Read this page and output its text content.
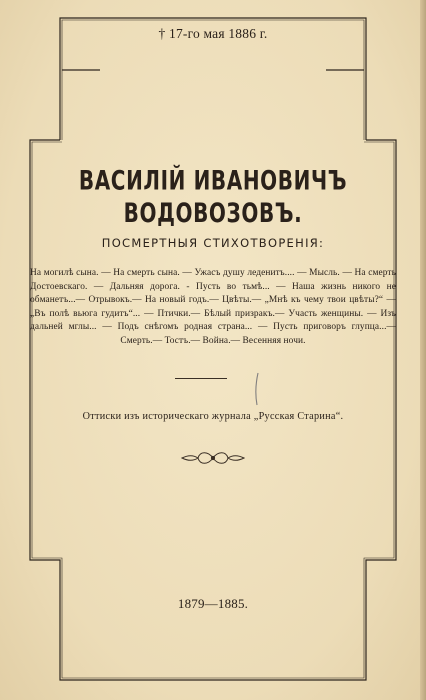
† 17-го мая 1886 г.
ВАСИЛІЙ ИВАНОВИЧЪ ВОДОВОЗОВЪ.
ПОСМЕРТНЫЯ СТИХОТВОРЕНІЯ:
На могилѣ сына. — На смерть сына. — Ужасъ душу леденитъ.... — Мысль. — На смерть Достоевскаго. — Дальняя дорога. - Пусть во тьмѣ... — Наша жизнь никого не обманетъ...— Отрывокъ.— На новый годъ.— Цвѣты.— „Мнѣ къ чему твои цвѣты?“ — „Въ полѣ вьюга гудитъ“... — Птички.— Бѣлый призракъ.— Участь женщины. — Изъ дальней мглы... — Подъ снѣгомъ родная страна... — Пусть приговоръ глупца...— Смерть.— Тостъ.— Война.— Весенняя ночи.
Оттиски изъ историческаго журнала „Русская Старина“.
1879—1885.
